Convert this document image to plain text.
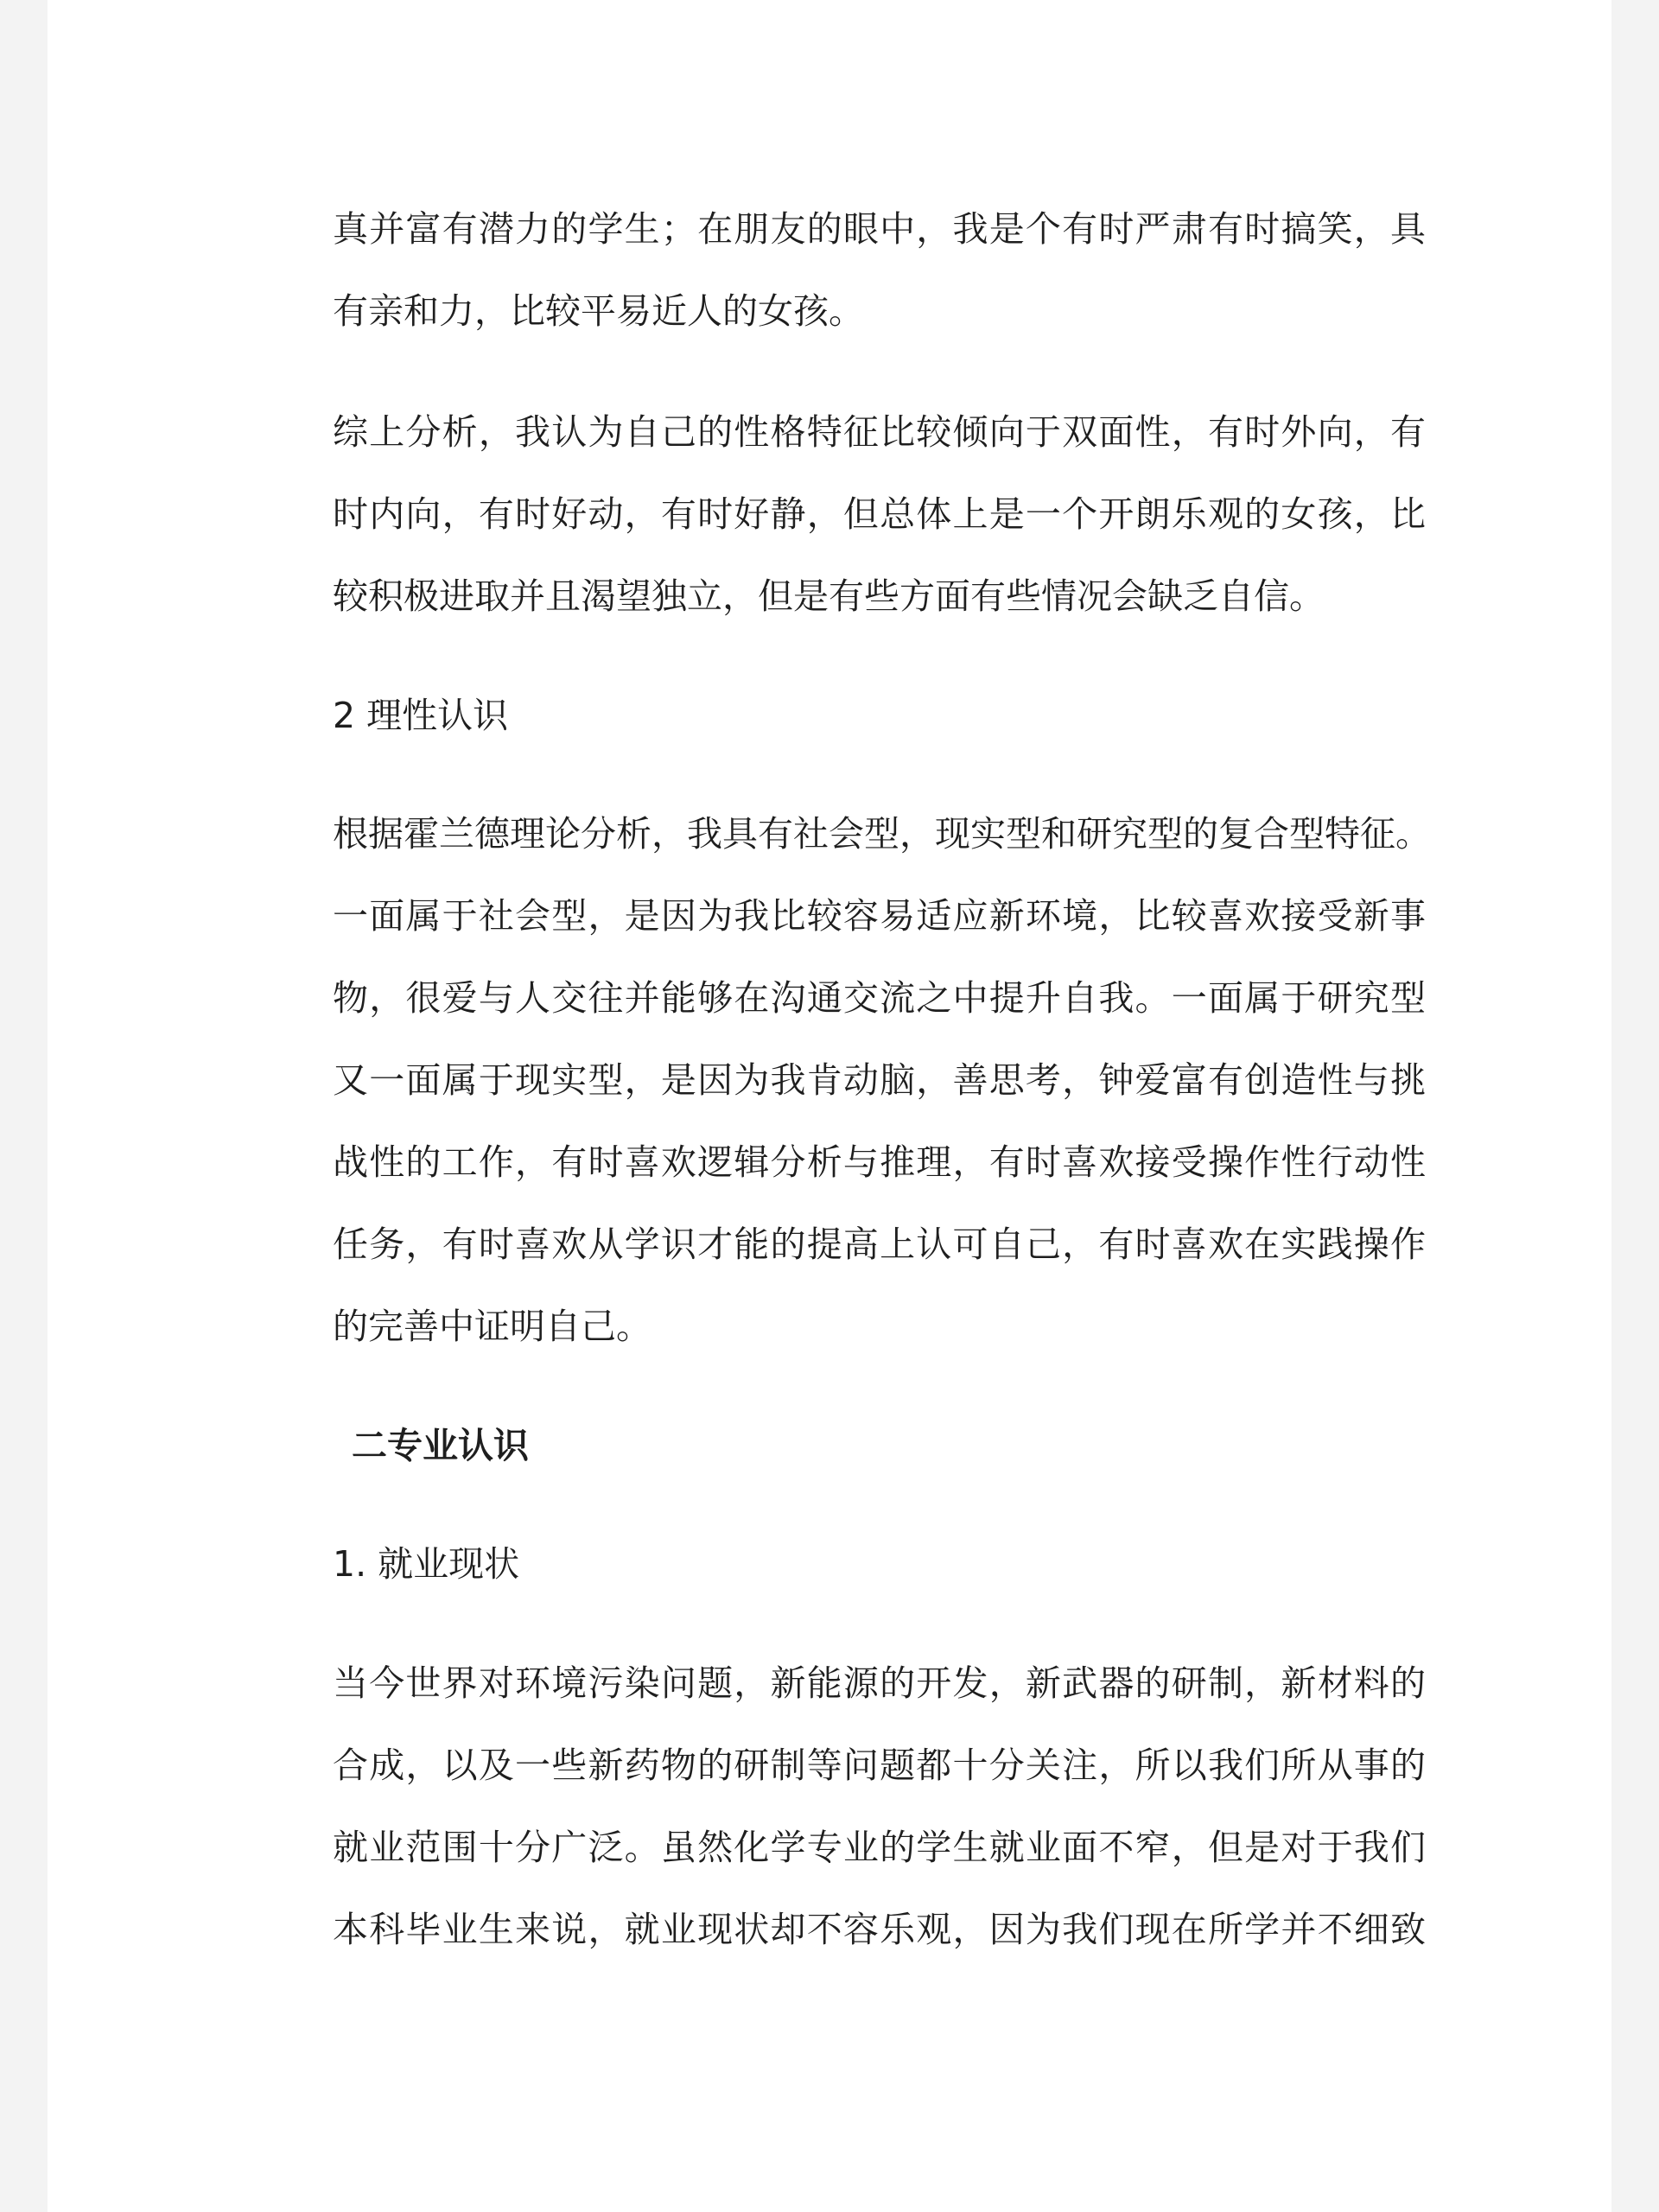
真并富有潜力的学生；在朋友的眼中，我是个有时严肃有时搞笑，具
有亲和力，比较平易近人的女孩。
综上分析，我认为自己的性格特征比较倾向于双面性，有时外向，有
时内向，有时好动，有时好静，但总体上是一个开朗乐观的女孩，比
较积极进取并且渴望独立，但是有些方面有些情况会缺乏自信。
2 理性认识
根据霍兰德理论分析，我具有社会型，现实型和研究型的复合型特征。
一面属于社会型，是因为我比较容易适应新环境，比较喜欢接受新事
物，很爱与人交往并能够在沟通交流之中提升自我。一面属于研究型
又一面属于现实型，是因为我肯动脑，善思考，钟爱富有创造性与挑
战性的工作，有时喜欢逻辑分析与推理，有时喜欢接受操作性行动性
任务，有时喜欢从学识才能的提高上认可自己，有时喜欢在实践操作
的完善中证明自己。
二专业认识
1. 就业现状
当今世界对环境污染问题，新能源的开发，新武器的研制，新材料的
合成，以及一些新药物的研制等问题都十分关注，所以我们所从事的
就业范围十分广泛。虽然化学专业的学生就业面不窄，但是对于我们
本科毕业生来说，就业现状却不容乐观，因为我们现在所学并不细致
